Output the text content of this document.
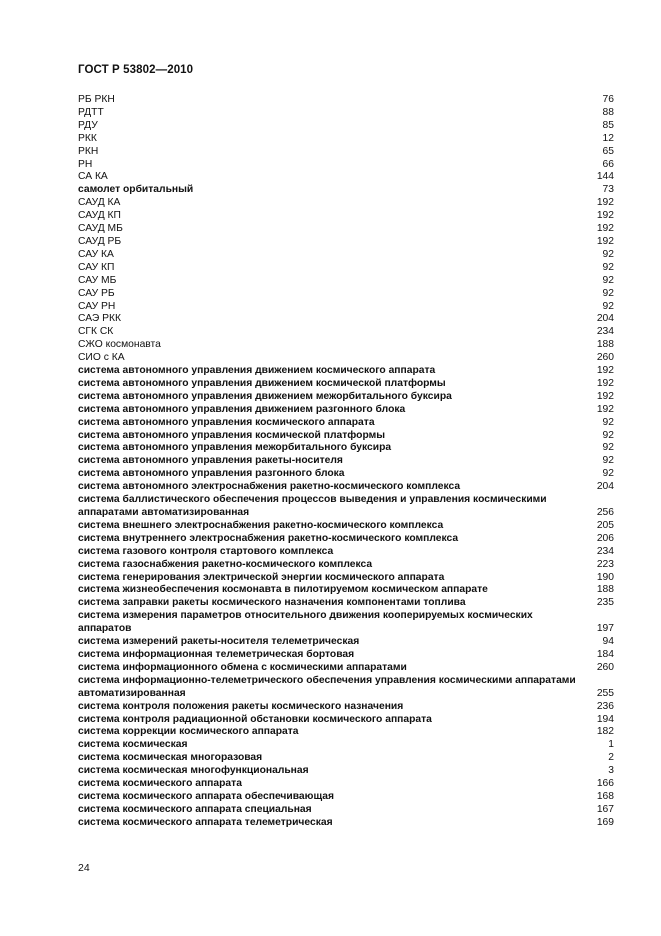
ГОСТ Р 53802—2010
РБ РКН	76
РДТТ	88
РДУ	85
РКК	12
РКН	65
РН	66
СА КА	144
самолет орбитальный	73
САУД КА	192
САУД КП	192
САУД МБ	192
САУД РБ	192
САУ КА	92
САУ КП	92
САУ МБ	92
САУ РБ	92
САУ РН	92
САЭ РКК	204
СГК СК	234
СЖО космонавта	188
СИО с КА	260
система автономного управления движением космического аппарата	192
система автономного управления движением космической платформы	192
система автономного управления движением межорбитального буксира	192
система автономного управления движением разгонного блока	192
система автономного управления космического аппарата	92
система автономного управления космической платформы	92
система автономного управления межорбитального буксира	92
система автономного управления ракеты-носителя	92
система автономного управления разгонного блока	92
система автономного электроснабжения ракетно-космического комплекса	204
система баллистического обеспечения процессов выведения и управления космическими аппаратами автоматизированная	256
система внешнего электроснабжения ракетно-космического комплекса	205
система внутреннего электроснабжения ракетно-космического комплекса	206
система газового контроля стартового комплекса	234
система газоснабжения ракетно-космического комплекса	223
система генерирования электрической энергии космического аппарата	190
система жизнеобеспечения космонавта в пилотируемом космическом аппарате	188
система заправки ракеты космического назначения компонентами топлива	235
система измерения параметров относительного движения кооперируемых космических аппаратов	197
система измерений ракеты-носителя телеметрическая	94
система информационная телеметрическая бортовая	184
система информационного обмена с космическими аппаратами	260
система информационно-телеметрического обеспечения управления космическими аппаратами автоматизированная	255
система контроля положения ракеты космического назначения	236
система контроля радиационной обстановки космического аппарата	194
система коррекции космического аппарата	182
система космическая	1
система космическая многоразовая	2
система космическая многофункциональная	3
система космического аппарата	166
система космического аппарата обеспечивающая	168
система космического аппарата специальная	167
система космического аппарата телеметрическая	169
24
